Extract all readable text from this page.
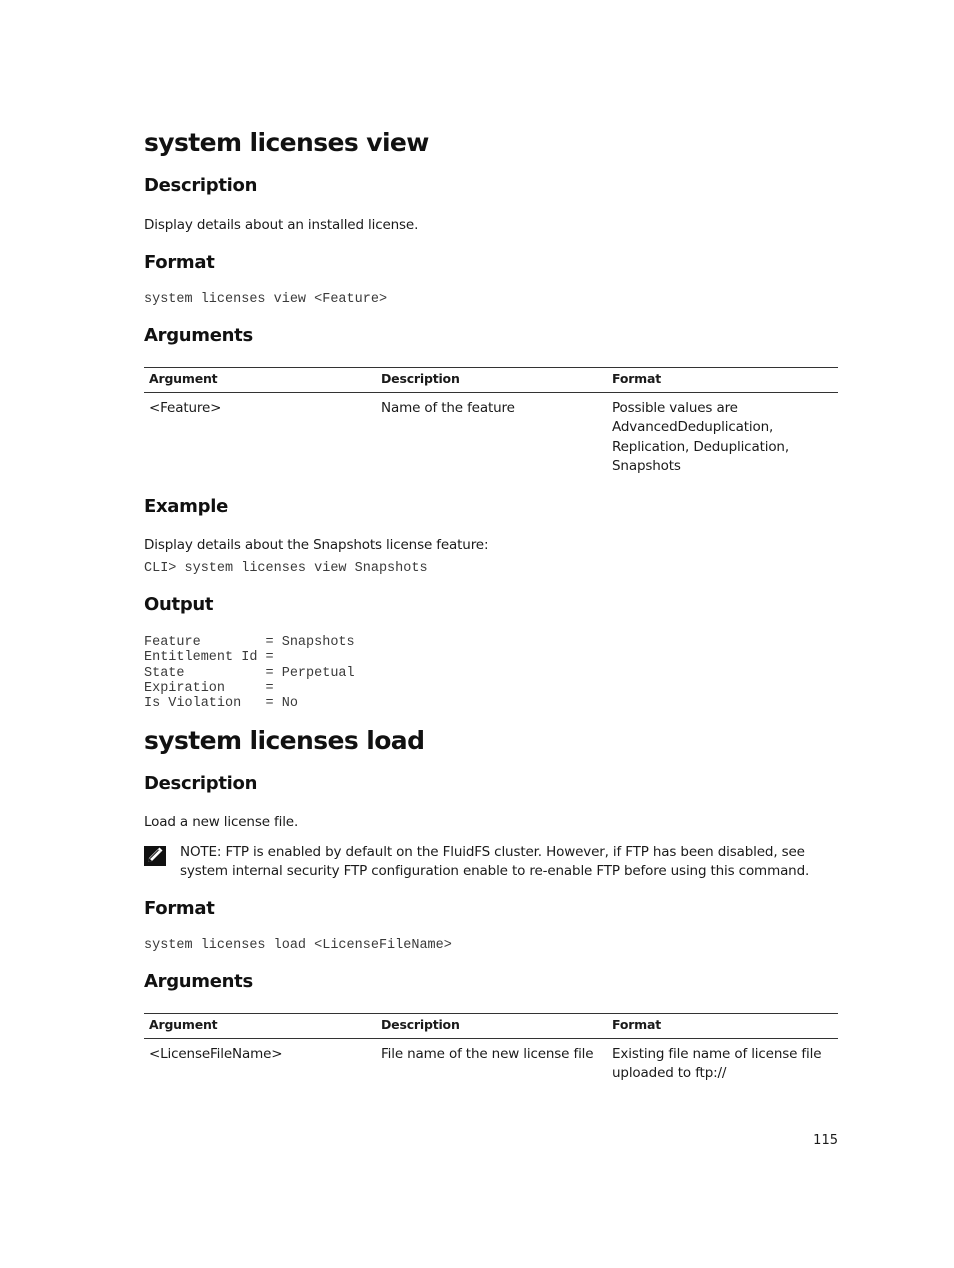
system licenses view
Description
Display details about an installed license.
Format
system licenses view <Feature>
Arguments
Argument	Description	Format
<Feature>	Name of the feature	Possible values are AdvancedDeduplication, Replication, Deduplication, Snapshots
Example
Display details about the Snapshots license feature:
CLI> system licenses view Snapshots
Output
Feature        = Snapshots
Entitlement Id =
State          = Perpetual
Expiration     =
Is Violation   = No
system licenses load
Description
Load a new license file.
NOTE: FTP is enabled by default on the FluidFS cluster. However, if FTP has been disabled, see system internal security FTP configuration enable to re-enable FTP before using this command.
Format
system licenses load <LicenseFileName>
Arguments
Argument	Description	Format
<LicenseFileName>	File name of the new license file	Existing file name of license file uploaded to ftp://
115
